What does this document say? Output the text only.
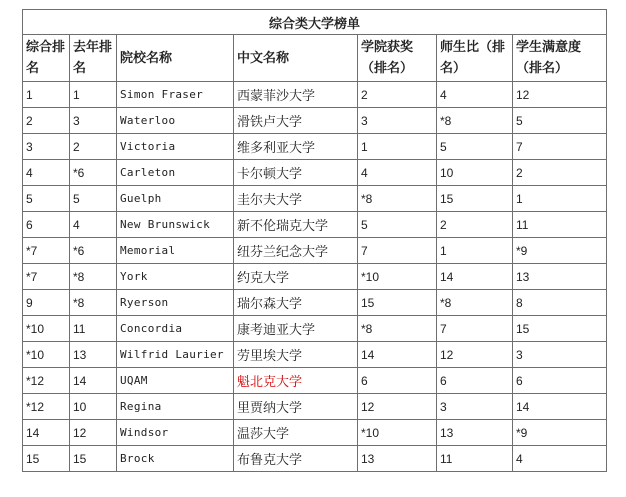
综合类大学榜单						
综合排名	去年排名	院校名称	中文名称	学院获奖（排名）	师生比（排名）	学生满意度（排名）
1	1	Simon Fraser	西蒙菲沙大学	2	4	12
2	3	Waterloo	滑铁卢大学	3	*8	5
3	2	Victoria	维多利亚大学	1	5	7
4	*6	Carleton	卡尔顿大学	4	10	2
5	5	Guelph	圭尔夫大学	*8	15	1
6	4	New Brunswick	新不伦瑞克大学	5	2	11
*7	*6	Memorial	纽芬兰纪念大学	7	1	*9
*7	*8	York	约克大学	*10	14	13
9	*8	Ryerson	瑞尔森大学	15	*8	8
*10	11	Concordia	康考迪亚大学	*8	7	15
*10	13	Wilfrid Laurier	劳里埃大学	14	12	3
*12	14	UQAM	魁北克大学	6	6	6
*12	10	Regina	里贾纳大学	12	3	14
14	12	Windsor	温莎大学	*10	13	*9
15	15	Brock	布鲁克大学	13	11	4
